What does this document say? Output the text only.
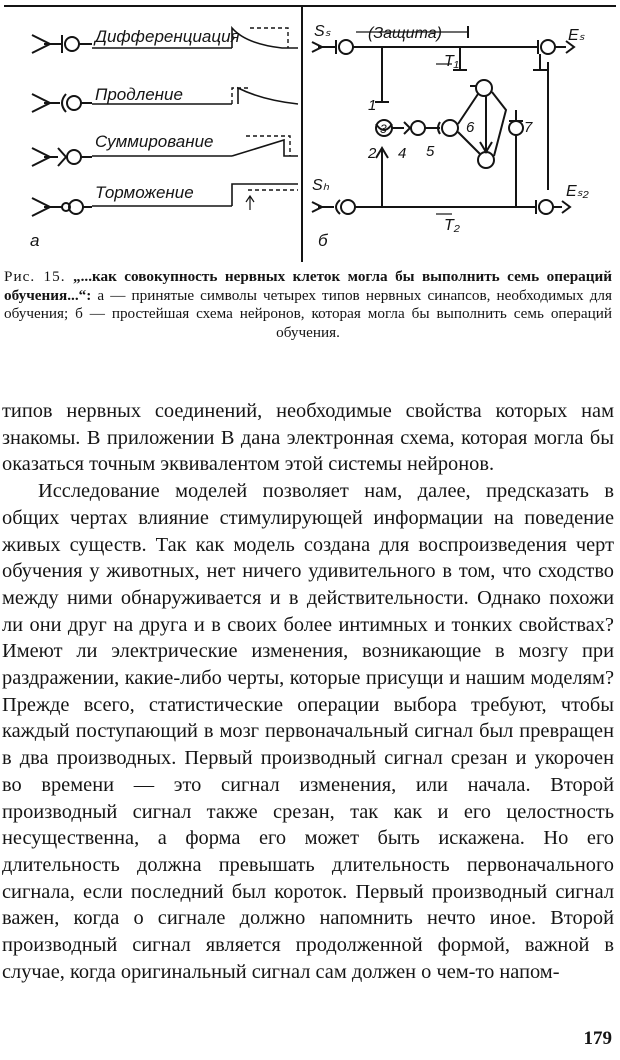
Дифференциация
Продление
Суммирование
Торможение
а
Sₛ	Eₛ
(Защита)
T₁
Sₕ	Eₛ₂
T₂
б
1
2
3
4 5
6	7
Рис. 15. „...как совокупность нервных клеток могла бы выполнить семь операций обучения...“: а — принятые символы четырех типов нервных синапсов, необходимых для обучения; б — простейшая схема нейронов, которая могла бы выполнить семь операций обучения.

типов нервных соединений, необходимые свойства которых нам знакомы. В приложении В дана электронная схема, которая могла бы оказаться точным эквивалентом этой системы нейронов.

Исследование моделей позволяет нам, далее, предсказать в общих чертах влияние стимулирующей информации на поведение живых существ. Так как модель создана для воспроизведения черт обучения у животных, нет ничего удивительного в том, что сходство между ними обнаруживается и в действительности. Однако похожи ли они друг на друга и в своих более интимных и тонких свойствах? Имеют ли электрические изменения, возникающие в мозгу при раздражении, какие-либо черты, которые присущи и нашим моделям? Прежде всего, статистические операции выбора требуют, чтобы каждый поступающий в мозг первоначальный сигнал был превращен в два производных. Первый производный сигнал срезан и укорочен во времени — это сигнал изменения, или начала. Второй производный сигнал также срезан, так как и его целостность несущественна, а форма его может быть искажена. Но его длительность должна превышать длительность первоначального сигнала, если последний был короток. Первый производный сигнал важен, когда о сигнале должно напомнить нечто иное. Второй производный сигнал является продолженной формой, важной в случае, когда оригинальный сигнал сам должен о чем-то напом-

179
